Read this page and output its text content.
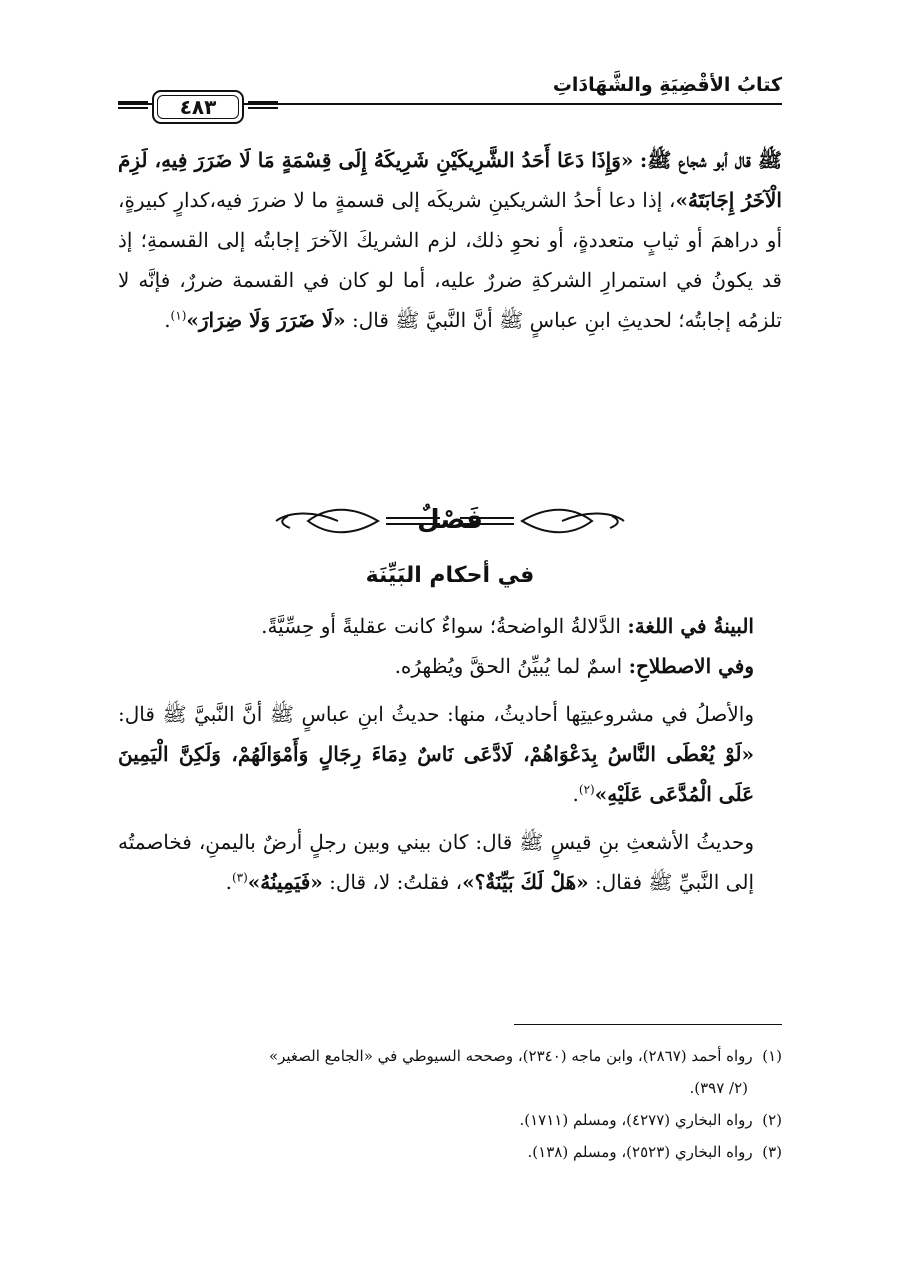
كتابُ الأقْضِيَةِ والشَّهَادَاتِ
٤٨٣
ﷺ قال أبو شجاع ﷺ: «وَإِذَا دَعَا أَحَدُ الشَّرِيكَيْنِ شَرِيكَهُ إِلَى قِسْمَةٍ مَا لَا ضَرَرَ فِيهِ، لَزِمَ الْآخَرُ إِجَابَتَهُ»، إذا دعا أحدُ الشريكينِ شريكَه إلى قسمةٍ ما لا ضررَ فيه،كدارٍ كبيرةٍ، أو دراهمَ أو ثيابٍ متعددةٍ، أو نحوِ ذلك، لزم الشريكَ الآخرَ إجابتُه إلى القسمةِ؛ إذ قد يكونُ في استمرارِ الشركةِ ضررٌ عليه، أما لو كان في القسمة ضررٌ، فإنَّه لا تلزمُه إجابتُه؛ لحديثِ ابنِ عباسٍ ﷺ أنَّ النَّبيَّ ﷺ قال: «لَا ضَرَرَ وَلَا ضِرَارَ»$^{(١)}$.
فَصْلٌ
في أحكام البَيِّنَة
البينةُ في اللغة: الدَّلالةُ الواضحةُ؛ سواءٌ كانت عقليةً أو حِسِّيَّةً.
وفي الاصطلاحِ: اسمٌ لما يُبيِّنُ الحقَّ ويُظهرُه.
والأصلُ في مشروعيتِها أحاديثُ، منها: حديثُ ابنِ عباسٍ ﷺ أنَّ النَّبيَّ ﷺ قال: «لَوْ يُعْطَى النَّاسُ بِدَعْوَاهُمْ، لَادَّعَى نَاسٌ دِمَاءَ رِجَالٍ وَأَمْوَالَهُمْ، وَلَكِنَّ الْيَمِينَ عَلَى الْمُدَّعَى عَلَيْهِ»$^{(٢)}$.
وحديثُ الأشعثِ بنِ قيسٍ ﷺ قال: كان بيني وبين رجلٍ أرضٌ باليمنِ، فخاصمتُه إلى النَّبيِّ ﷺ فقال: «هَلْ لَكَ بَيِّنَةٌ؟»، فقلتُ: لا، قال: «فَيَمِينُهُ»$^{(٣)}$.
(١)  رواه أحمد (٢٨٦٧)، وابن ماجه (٢٣٤٠)، وصححه السيوطي في «الجامع الصغير»
(٢/ ٣٩٧).
(٢)  رواه البخاري (٤٢٧٧)، ومسلم (١٧١١).
(٣)  رواه البخاري (٢٥٢٣)، ومسلم (١٣٨).
